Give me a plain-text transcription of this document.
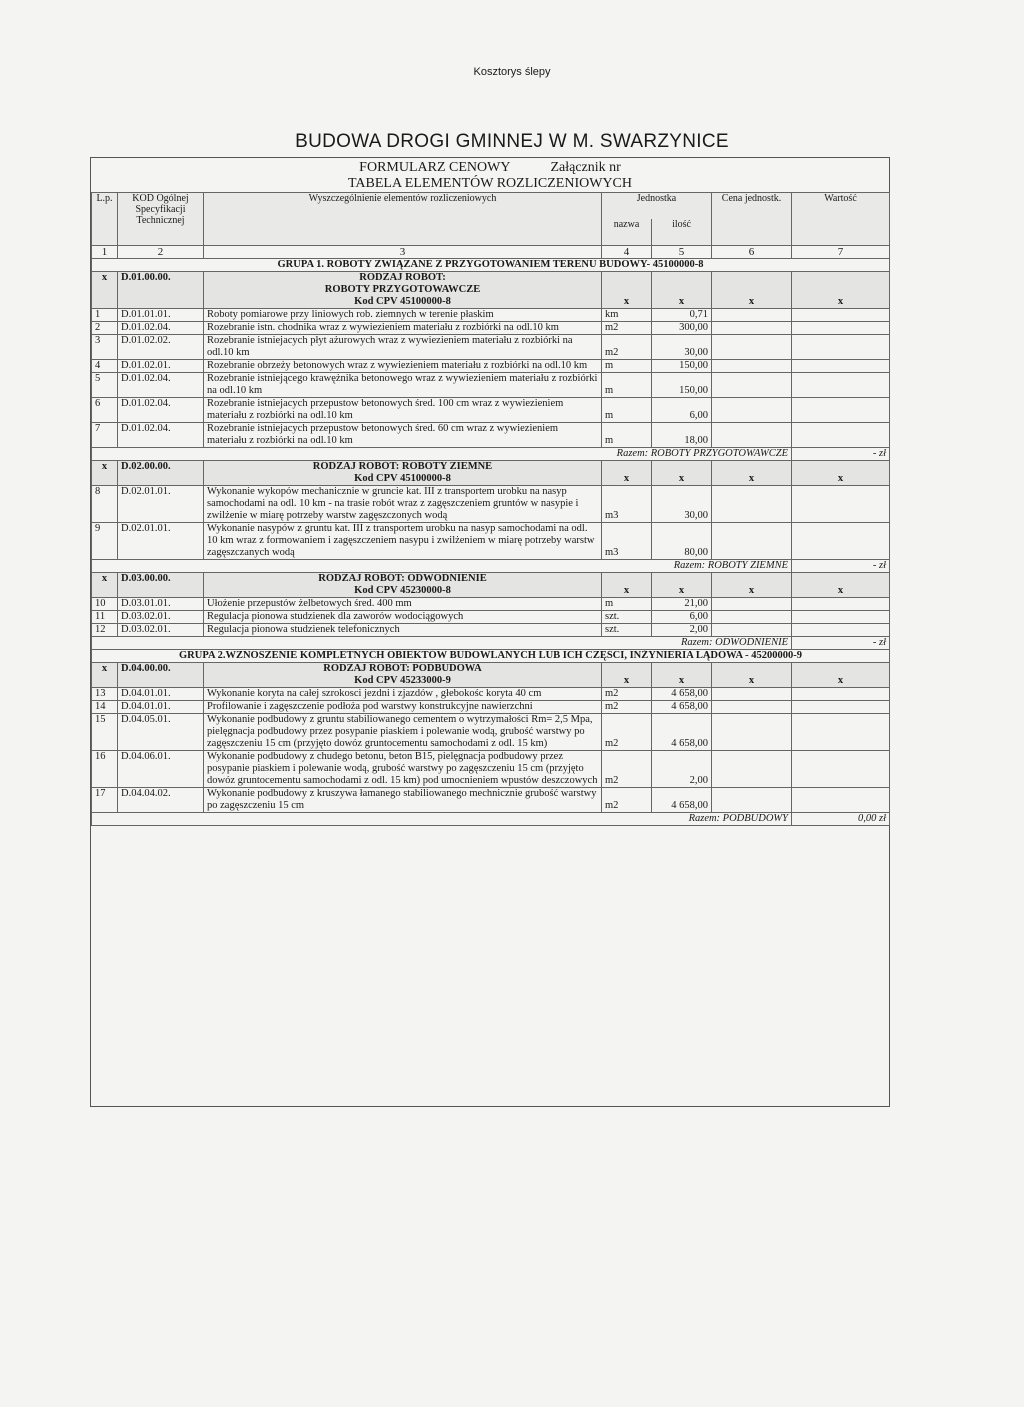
Kosztorys ślepy
BUDOWA DROGI GMINNEJ W M. SWARZYNICE
FORMULARZ CENOWY	Załącznik nr
TABELA ELEMENTÓW ROZLICZENIOWYCH
L.p.	KOD Ogólnej Specyfikacji Technicznej	Wyszczególnienie elementów rozliczeniowych	Jednostka		Cena jednostk.	Wartość
			nazwa	ilość		
1	2	3	4	5	6	7
GRUPA 1. ROBOTY ZWIĄZANE Z PRZYGOTOWANIEM TERENU BUDOWY- 45100000-8						
x	D.01.00.00.	RODZAJ ROBÓT:
ROBOTY PRZYGOTOWAWCZE
Kod CPV 45100000-8	x	x	x	x
1	D.01.01.01.	Roboty pomiarowe przy liniowych rob. ziemnych w terenie płaskim	km	0,71		
2	D.01.02.04.	Rozebranie istn. chodnika wraz z wywiezieniem materiału z rozbiórki na odl.10 km	m2	300,00		
3	D.01.02.02.	Rozebranie istniejacych płyt ażurowych wraz z wywiezieniem materiału z rozbiórki na odl.10 km	m2	30,00		
4	D.01.02.01.	Rozebranie obrzeży betonowych wraz z wywiezieniem materiału z rozbiórki na odl.10 km	m	150,00		
5	D.01.02.04.	Rozebranie istniejącego krawężnika betonowego wraz z wywiezieniem materiału z rozbiórki na odl.10 km	m	150,00		
6	D.01.02.04.	Rozebranie istniejacych przepustow betonowych śred. 100 cm wraz z wywiezieniem materiału z rozbiórki na odl.10 km	m	6,00		
7	D.01.02.04.	Rozebranie istniejacych przepustow betonowych śred. 60 cm wraz z wywiezieniem materiału z rozbiórki na odl.10 km	m	18,00		
Razem: ROBOTY PRZYGOTOWAWCZE						- zł
x	D.02.00.00.	RODZAJ ROBÓT: ROBOTY ZIEMNE
Kod CPV 45100000-8	x	x	x	x
8	D.02.01.01.	Wykonanie wykopów mechanicznie w gruncie kat. III z transportem urobku na nasyp samochodami na odl. 10 km - na trasie robót wraz z zagęszczeniem gruntów w nasypie i zwilżenie w miarę potrzeby warstw zagęszczonych wodą	m3	30,00		
9	D.02.01.01.	Wykonanie nasypów z gruntu kat. III z transportem urobku na nasyp samochodami na odl. 10 km wraz z formowaniem i zagęszczeniem nasypu i zwilżeniem w miarę potrzeby warstw zagęszczanych wodą	m3	80,00		
Razem: ROBOTY ZIEMNE						- zł
x	D.03.00.00.	RODZAJ ROBÓT: ODWODNIENIE
Kod CPV 45230000-8	x	x	x	x
10	D.03.01.01.	Ułożenie przepustów żelbetowych śred. 400 mm	m	21,00		
11	D.03.02.01.	Regulacja pionowa studzienek dla zaworów wodociągowych	szt.	6,00		
12	D.03.02.01.	Regulacja pionowa studzienek telefonicznych	szt.	2,00		
Razem: ODWODNIENIE						- zł
GRUPA 2.WZNOSZENIE KOMPLETNYCH OBIEKTÓW BUDOWLANYCH LUB ICH CZĘŚCI, INŻYNIERIA LĄDOWA - 45200000-9						
x	D.04.00.00.	RODZAJ ROBÓT: PODBUDOWA
Kod CPV 45233000-9	x	x	x	x
13	D.04.01.01.	Wykonanie koryta na całej szrokosci jezdni i zjazdów , głebokośc koryta 40 cm	m2	4 658,00		
14	D.04.01.01.	Profilowanie i zagęszczenie podłoża pod warstwy konstrukcyjne nawierzchni	m2	4 658,00		
15	D.04.05.01.	Wykonanie podbudowy z gruntu stabiliowanego cementem o wytrzymałości Rm= 2,5 Mpa, pielęgnacja podbudowy przez posypanie piaskiem i polewanie wodą, grubość warstwy po zagęszczeniu 15 cm (przyjęto dowóz gruntocementu samochodami z odl. 15 km)	m2	4 658,00		
16	D.04.06.01.	Wykonanie podbudowy z chudego betonu, beton B15, pielęgnacja podbudowy przez posypanie piaskiem i polewanie wodą, grubość warstwy po zagęszczeniu 15 cm (przyjęto dowóz gruntocementu samochodami z odl. 15 km) pod umocnieniem wpustów deszczowych	m2	2,00		
17	D.04.04.02.	Wykonanie podbudowy z kruszywa łamanego stabiliowanego mechnicznie grubość warstwy po zagęszczeniu 15 cm	m2	4 658,00		
Razem: PODBUDOWY						0,00 zł
